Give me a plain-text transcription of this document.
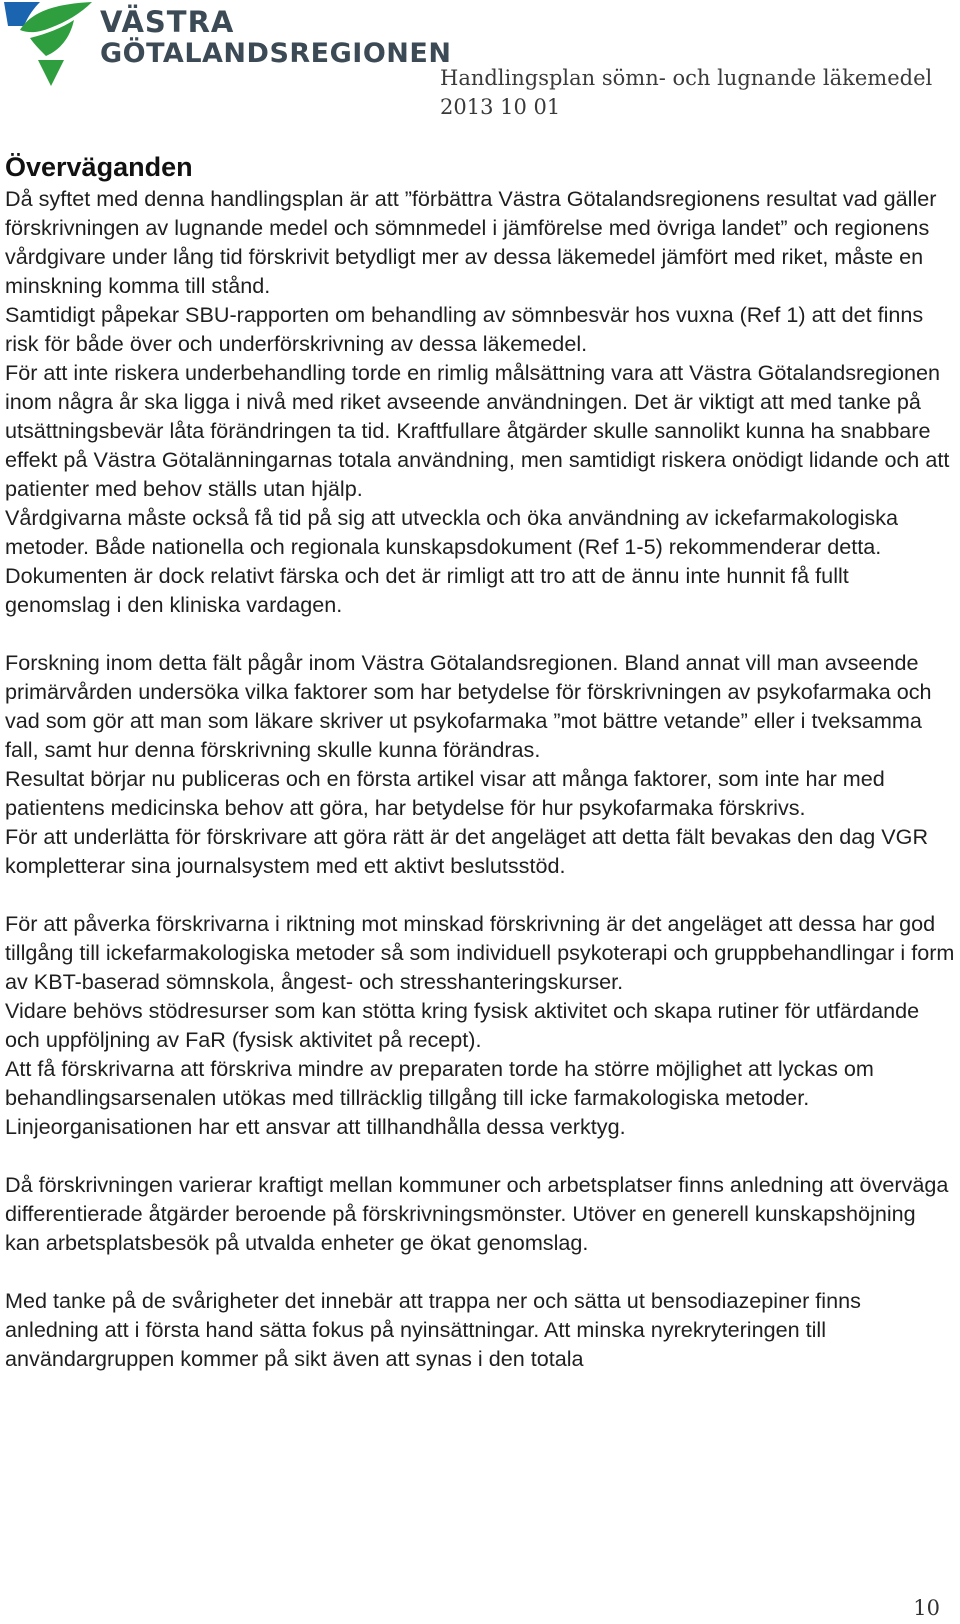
VÄSTRA
GÖTALANDSREGIONEN
Handlingsplan sömn- och lugnande läkemedel
2013 10 01
Överväganden

Då syftet med denna handlingsplan är att ”förbättra Västra Götalandsregionens resultat vad gäller förskrivningen av lugnande medel och sömnmedel i jämförelse med övriga landet” och regionens vårdgivare under lång tid förskrivit betydligt mer av dessa läkemedel jämfört med riket, måste en minskning komma till stånd.

Samtidigt påpekar SBU-rapporten om behandling av sömnbesvär hos vuxna (Ref 1) att det finns risk för både över och underförskrivning av dessa läkemedel.

För att inte riskera underbehandling torde en rimlig målsättning vara att Västra Götalandsregionen inom några år ska ligga i nivå med riket avseende användningen. Det är viktigt att med tanke på utsättningsbevär låta förändringen ta tid. Kraftfullare åtgärder skulle sannolikt kunna ha snabbare effekt på Västra Götalänningarnas totala användning, men samtidigt riskera onödigt lidande och att patienter med behov ställs utan hjälp.

Vårdgivarna måste också få tid på sig att utveckla och öka användning av ickefarmakologiska metoder. Både nationella och regionala kunskapsdokument (Ref 1-5) rekommenderar detta. Dokumenten är dock relativt färska och det är rimligt att tro att de ännu inte hunnit få fullt genomslag i den kliniska vardagen.

Forskning inom detta fält pågår inom Västra Götalandsregionen. Bland annat vill man avseende primärvården undersöka vilka faktorer som har betydelse för förskrivningen av psykofarmaka och vad som gör att man som läkare skriver ut psykofarmaka ”mot bättre vetande” eller i tveksamma fall, samt hur denna förskrivning skulle kunna förändras.

Resultat börjar nu publiceras och en första artikel visar att många faktorer, som inte har med patientens medicinska behov att göra, har betydelse för hur psykofarmaka förskrivs.

För att underlätta för förskrivare att göra rätt är det angeläget att detta fält bevakas den dag VGR kompletterar sina journalsystem med ett aktivt beslutsstöd.

För att påverka förskrivarna i riktning mot minskad förskrivning är det angeläget att dessa har god tillgång till ickefarmakologiska metoder så som individuell psykoterapi och gruppbehandlingar i form av KBT-baserad sömnskola, ångest- och stresshanteringskurser.

Vidare behövs stödresurser som kan stötta kring fysisk aktivitet och skapa rutiner för utfärdande och uppföljning av FaR (fysisk aktivitet på recept).

Att få förskrivarna att förskriva mindre av preparaten torde ha större möjlighet att lyckas om behandlingsarsenalen utökas med tillräcklig tillgång till icke farmakologiska metoder. Linjeorganisationen har ett ansvar att tillhandhålla dessa verktyg.

Då förskrivningen varierar kraftigt mellan kommuner och arbetsplatser finns anledning att överväga differentierade åtgärder beroende på förskrivningsmönster. Utöver en generell kunskapshöjning kan arbetsplatsbesök på utvalda enheter ge ökat genomslag.

Med tanke på de svårigheter det innebär att trappa ner och sätta ut bensodiazepiner finns anledning att i första hand sätta fokus på nyinsättningar. Att minska nyrekryteringen till användargruppen kommer på sikt även att synas i den totala

10
